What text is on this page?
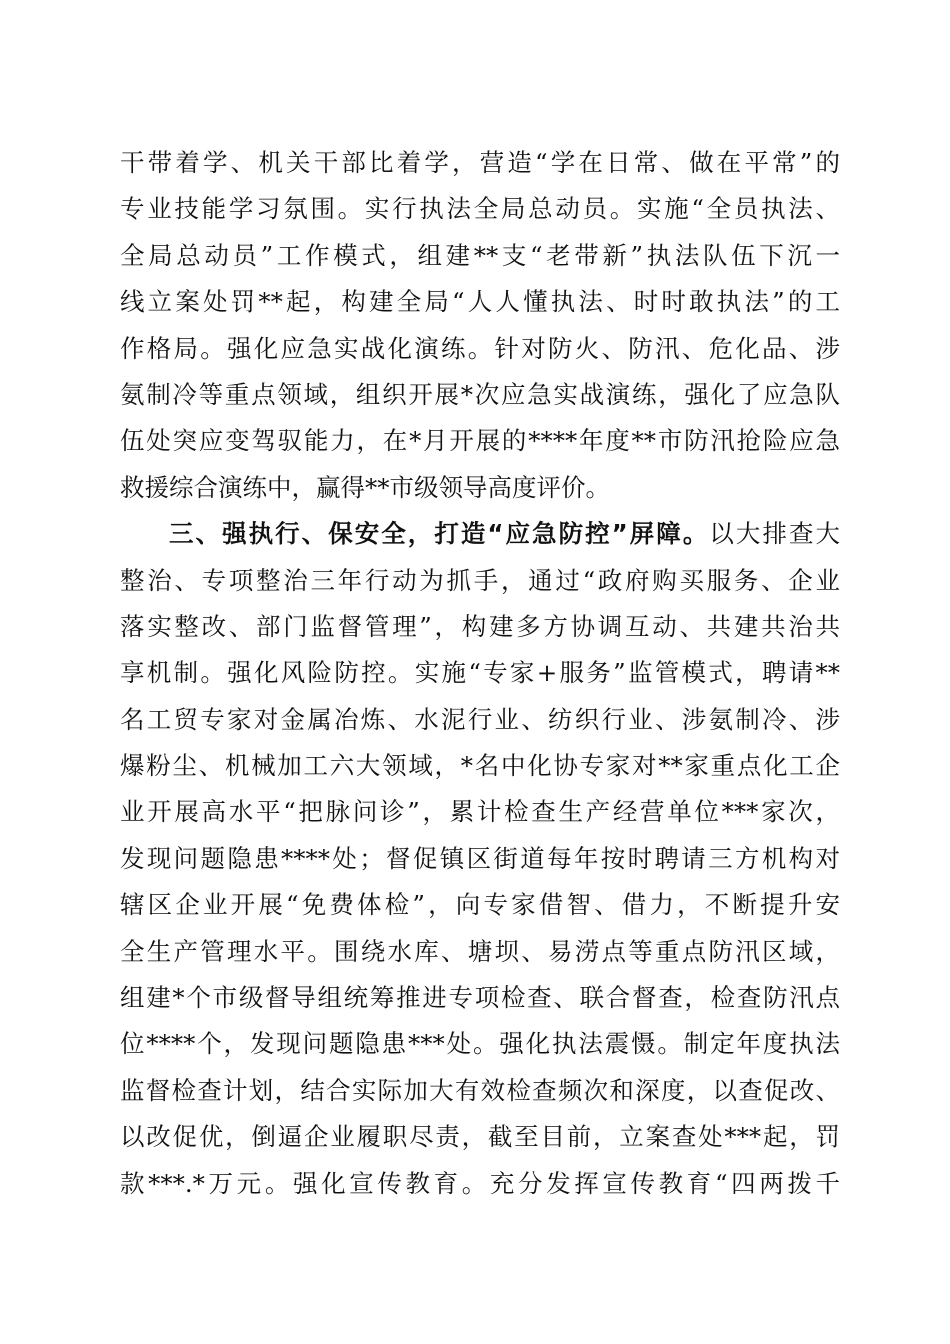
干带着学、机关干部比着学，营造“学在日常、做在平常”的
专业技能学习氛围。实行执法全局总动员。实施“全员执法、
全局总动员”工作模式，组建**支“老带新”执法队伍下沉一
线立案处罚**起，构建全局“人人懂执法、时时敢执法”的工
作格局。强化应急实战化演练。针对防火、防汛、危化品、涉
氨制冷等重点领域，组织开展*次应急实战演练，强化了应急队
伍处突应变驾驭能力，在*月开展的****年度**市防汛抢险应急
救援综合演练中，赢得**市级领导高度评价。
三、强执行、保安全，打造“应急防控”屏障。以大排查大
整治、专项整治三年行动为抓手，通过“政府购买服务、企业
落实整改、部门监督管理”，构建多方协调互动、共建共治共
享机制。强化风险防控。实施“专家+服务”监管模式，聘请**
名工贸专家对金属冶炼、水泥行业、纺织行业、涉氨制冷、涉
爆粉尘、机械加工六大领域，*名中化协专家对**家重点化工企
业开展高水平“把脉问诊”，累计检查生产经营单位***家次，
发现问题隐患****处；督促镇区街道每年按时聘请三方机构对
辖区企业开展“免费体检”，向专家借智、借力，不断提升安
全生产管理水平。围绕水库、塘坝、易涝点等重点防汛区域，
组建*个市级督导组统筹推进专项检查、联合督查，检查防汛点
位****个，发现问题隐患***处。强化执法震慑。制定年度执法
监督检查计划，结合实际加大有效检查频次和深度，以查促改、
以改促优，倒逼企业履职尽责，截至目前，立案查处***起，罚
款***.*万元。强化宣传教育。充分发挥宣传教育“四两拨千
